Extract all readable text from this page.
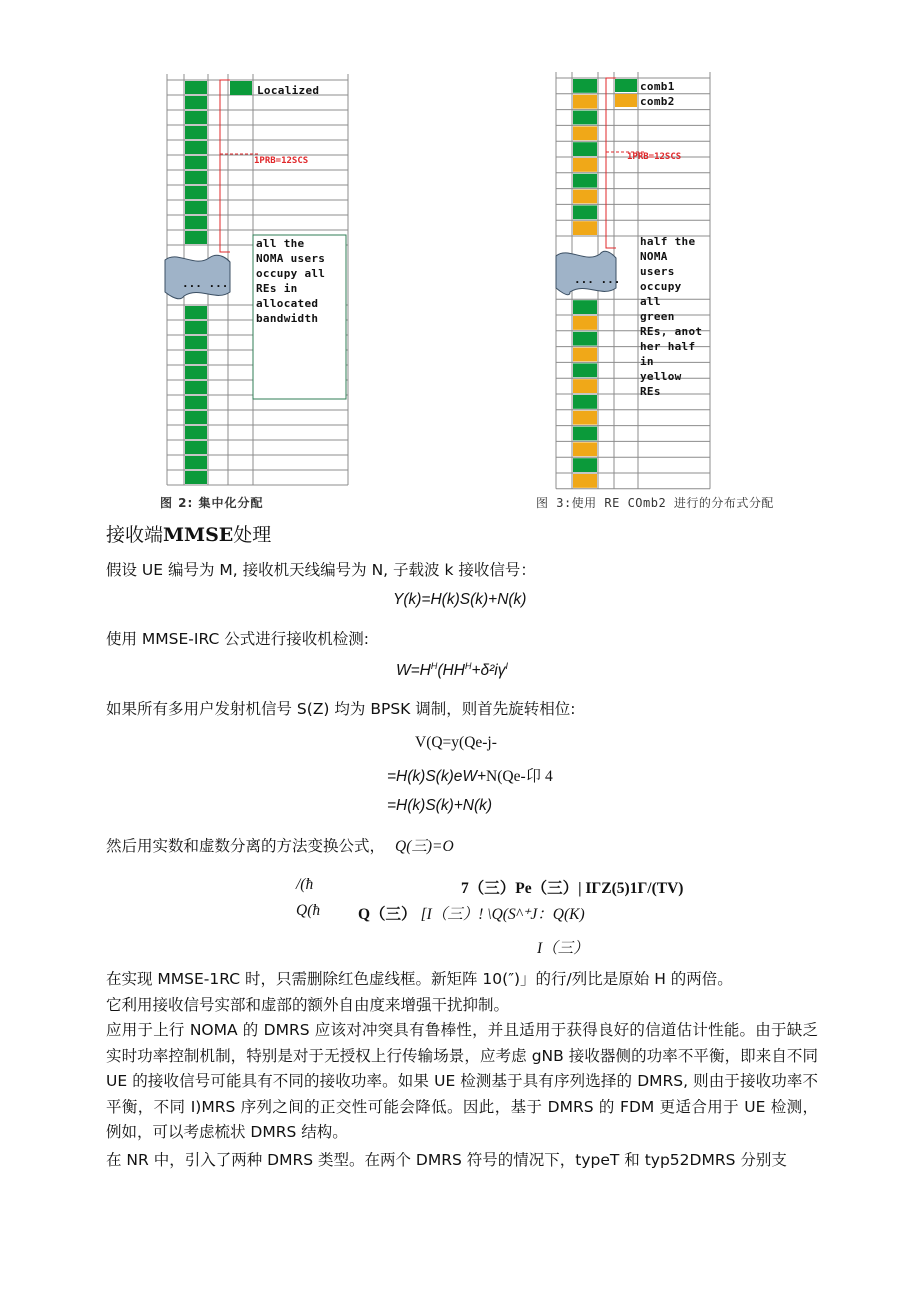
1PRB=12SCS
Localized
... ...
all the
NOMA users
occupy all
REs in
allocated
bandwidth
图 2: 集中化分配
comb1
comb2
1PRB=12SCS
... ...
half the
NOMA
users
occupy
all
green
REs, anot
her half
in
yellow
REs
图 3:使用 RE COmb2 进行的分布式分配
接收端MMSE处理
假设 UE 编号为 M, 接收机天线编号为 N, 子载波 k 接收信号：
Y(k)=H(k)S(k)+N(k)
使用 MMSE-IRC 公式进行接收机检测:
$W=H^H(HH^H+\delta^2i\gamma^I$
如果所有多用户发射机信号 S(Z) 均为 BPSK 调制，则首先旋转相位:
V(Q=y(Qe-j-
=H(k)S(k)eW+N(Qe-卬 4
=H(k)S(k)+N(k)
然后用实数和虚数分离的方法变换公式， Q(三)=O
/(ћ	7（三）Pe（三）| ΙΓZ(5)1Γ/(TV)
Q(ћ Q（三） [Ι（三）! \Q(S^⁺J：Q(K)
Ι（三）
在实现 MMSE-1RC 时，只需删除红色虚线框。新矩阵 10(″)」的行/列比是原始 H 的两倍。
它利用接收信号实部和虚部的额外自由度来增强干扰抑制。
应用于上行 NOMA 的 DMRS 应该对冲突具有鲁棒性，并且适用于获得良好的信道估计性能。由于缺乏实时功率控制机制，特别是对于无授权上行传输场景，应考虑 gNB 接收器侧的功率不平衡，即来自不同 UE 的接收信号可能具有不同的接收功率。如果 UE 检测基于具有序列选择的 DMRS, 则由于接收功率不平衡，不同 I)MRS 序列之间的正交性可能会降低。因此，基于 DMRS 的 FDM 更适合用于 UE 检测，例如，可以考虑梳状 DMRS 结构。
在 NR 中，引入了两种 DMRS 类型。在两个 DMRS 符号的情况下，typeT 和 typ52DMRS 分别支
